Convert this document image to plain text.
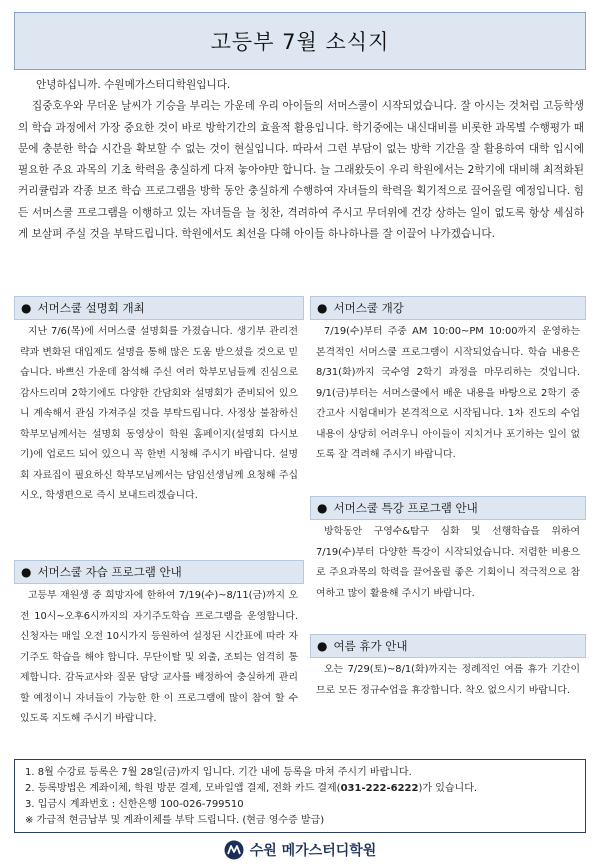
고등부 7월 소식지

안녕하십니까. 수원메가스터디학원입니다.

집중호우와 무더운 날씨가 기승을 부리는 가운데 우리 아이들의 서머스쿨이 시작되었습니다. 잘 아시는 것처럼 고등학생의 학습 과정에서 가장 중요한 것이 바로 방학기간의 효율적 활용입니다. 학기중에는 내신대비를 비롯한 과목별 수행평가 때문에 충분한 학습 시간을 확보할 수 없는 것이 현실입니다. 따라서 그런 부담이 없는 방학 기간을 잘 활용하여 대학 입시에 필요한 주요 과목의 기초 학력을 충실하게 다져 놓아야만 합니다. 늘 그래왔듯이 우리 학원에서는 2학기에 대비해 최적화된 커리큘럼과 각종 보조 학습 프로그램을 방학 동안 충실하게 수행하여 자녀들의 학력을 획기적으로 끌어올릴 예정입니다. 힘든 서머스쿨 프로그램을 이행하고 있는 자녀들을 늘 칭찬, 격려하여 주시고 무더위에 건강 상하는 일이 없도록 항상 세심하게 보살펴 주실 것을 부탁드립니다. 학원에서도 최선을 다해 아이들 하나하나를 잘 이끌어 나가겠습니다.

● 서머스쿨 설명회 개최

지난 7/6(목)에 서머스쿨 설명회를 가졌습니다. 생기부 관리전략과 변화된 대입제도 설명을 통해 많은 도움 받으셨을 것으로 믿습니다. 바쁘신 가운데 참석해 주신 여러 학부모님들께 진심으로 감사드리며 2학기에도 다양한 간담회와 설명회가 준비되어 있으니 계속해서 관심 가져주실 것을 부탁드립니다. 사정상 불참하신 학부모님께서는 설명회 동영상이 학원 홈페이지(설명회 다시보기)에 업로드 되어 있으니 꼭 한번 시청해 주시기 바랍니다. 설명회 자료집이 필요하신 학부모님께서는 담임선생님께 요청해 주십시오, 학생편으로 즉시 보내드리겠습니다.

● 서머스쿨 자습 프로그램 안내

고등부 재원생 중 희망자에 한하여 7/19(수)~8/11(금)까지 오전 10시~오후6시까지의 자기주도학습 프로그램을 운영합니다. 신청자는 매일 오전 10시가지 등원하여 설정된 시간표에 따라 자기주도 학습을 해야 합니다. 무단이탈 및 외출, 조퇴는 엄격히 통제합니다. 감독교사와 질문 담당 교사를 배정하여 충실하게 관리할 예정이니 자녀들이 가능한 한 이 프로그램에 많이 참여 할 수 있도록 지도해 주시기 바랍니다.

● 서머스쿨 개강

7/19(수)부터 주중 AM 10:00~PM 10:00까지 운영하는 본격적인 서머스쿨 프로그램이 시작되었습니다. 학습 내용은 8/31(화)까지 국수영 2학기 과정을 마무리하는 것입니다. 9/1(금)부터는 서머스쿨에서 배운 내용을 바탕으로 2학기 중간고사 시험대비가 본격적으로 시작됩니다. 1차 진도의 수업 내용이 상당히 어려우니 아이들이 지치거나 포기하는 일이 없도록 잘 격려해 주시기 바랍니다.

● 서머스쿨 특강 프로그램 안내

방학동안 구영수&탐구 심화 및 선행학습을 위하여 7/19(수)부터 다양한 특강이 시작되었습니다. 저렴한 비용으로 주요과목의 학력을 끌어올릴 좋은 기회이니 적극적으로 참여하고 많이 활용해 주시기 바랍니다.

● 여름 휴가 안내

오는 7/29(토)~8/1(화)까지는 정례적인 여름 휴가 기간이므로 모든 정규수업을 휴강합니다. 착오 없으시기 바랍니다.

1. 8월 수강료 등록은 7월 28일(금)까지 입니다. 기간 내에 등록을 마쳐 주시기 바랍니다.
2. 등록방법은 계좌이체, 학원 방문 결제, 모바일앱 결제, 전화 카드 결제(031-222-6222)가 있습니다.
3. 입금시 계좌번호 : 신한은행 100-026-799510
※ 가급적 현금납부 및 계좌이체를 부탁 드립니다. (현금 영수증 발급)
수원 메가스터디학원
